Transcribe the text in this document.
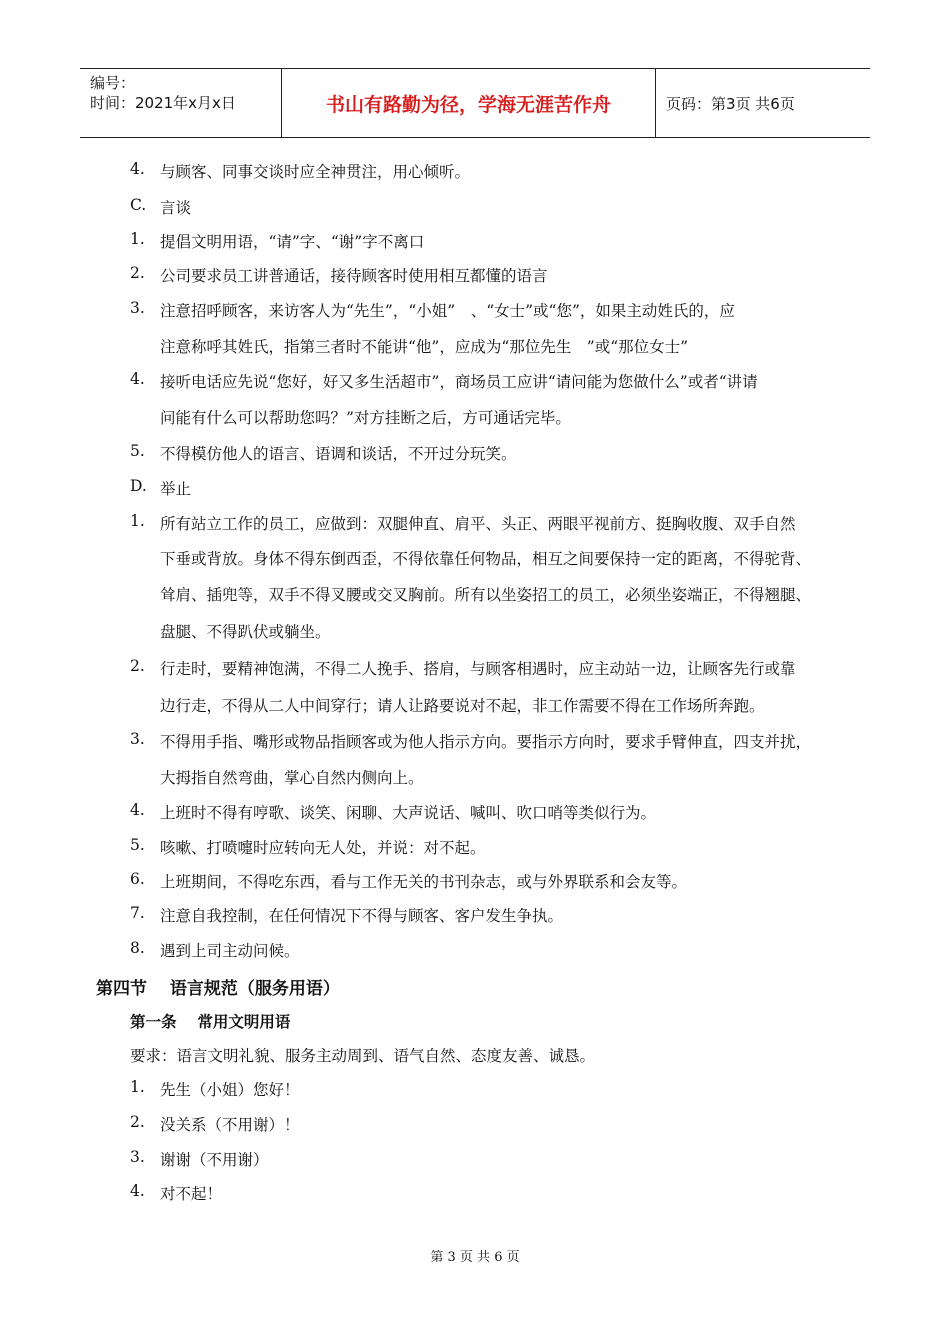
编号：
时间：2021年x月x日	书山有路勤为径，学海无涯苦作舟	页码：第3页 共6页
4. 与顾客、同事交谈时应全神贯注，用心倾听。
C. 言谈
1. 提倡文明用语，“请”字、“谢”字不离口
2. 公司要求员工讲普通话，接待顾客时使用相互都懂的语言
3. 注意招呼顾客，来访客人为“先生”，“小姐”　、“女士”或“您”，如果主动姓氏的，应
注意称呼其姓氏，指第三者时不能讲“他”，应成为“那位先生　”或“那位女士”
4. 接听电话应先说“您好，好又多生活超市”，商场员工应讲“请问能为您做什么”或者“讲请
问能有什么可以帮助您吗？”对方挂断之后，方可通话完毕。
5. 不得模仿他人的语言、语调和谈话，不开过分玩笑。
D. 举止
1. 所有站立工作的员工，应做到：双腿伸直、肩平、头正、两眼平视前方、挺胸收腹、双手自然
下垂或背放。身体不得东倒西歪，不得依靠任何物品，相互之间要保持一定的距离，不得驼背、
耸肩、插兜等，双手不得叉腰或交叉胸前。所有以坐姿招工的员工，必须坐姿端正，不得翘腿、
盘腿、不得趴伏或躺坐。
2. 行走时，要精神饱满，不得二人挽手、搭肩，与顾客相遇时，应主动站一边，让顾客先行或靠
边行走，不得从二人中间穿行；请人让路要说对不起，非工作需要不得在工作场所奔跑。
3. 不得用手指、嘴形或物品指顾客或为他人指示方向。要指示方向时，要求手臂伸直，四支并扰，
大拇指自然弯曲，掌心自然内侧向上。
4. 上班时不得有哼歌、谈笑、闲聊、大声说话、喊叫、吹口哨等类似行为。
5. 咳嗽、打喷嚏时应转向无人处，并说：对不起。
6. 上班期间，不得吃东西，看与工作无关的书刊杂志，或与外界联系和会友等。
7. 注意自我控制，在任何情况下不得与顾客、客户发生争执。
8. 遇到上司主动问候。
第四节　 语言规范（服务用语）
第一条　 常用文明用语
要求：语言文明礼貌、服务主动周到、语气自然、态度友善、诚恳。
1. 先生（小姐）您好！
2. 没关系（不用谢）！
3. 谢谢（不用谢）
4. 对不起！
第 3 页 共 6 页
